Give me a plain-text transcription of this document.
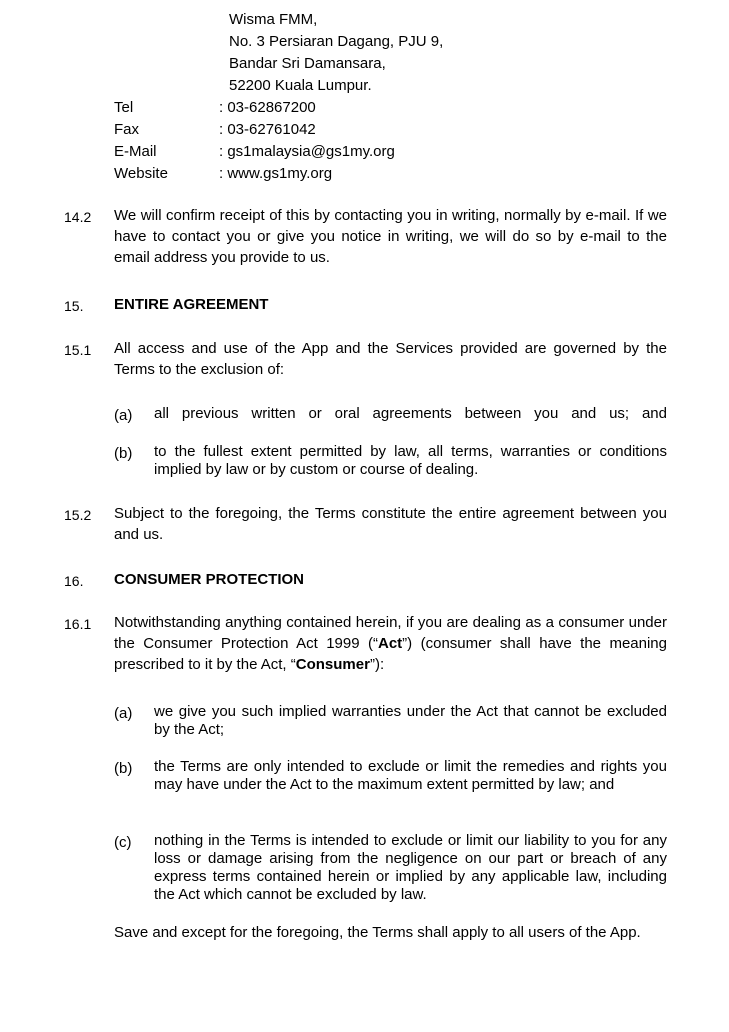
Wisma FMM,
No. 3 Persiaran Dagang, PJU 9,
Bandar Sri Damansara,
52200 Kuala Lumpur.
Tel	: 03-62867200
Fax	: 03-62761042
E-Mail	: gs1malaysia@gs1my.org
Website	: www.gs1my.org
14.2	We will confirm receipt of this by contacting you in writing, normally by e-mail. If we have to contact you or give you notice in writing, we will do so by e-mail to the email address you provide to us.
15.	ENTIRE AGREEMENT
15.1	All access and use of the App and the Services provided are governed by the Terms to the exclusion of:
(a)	all previous written or oral agreements between you and us; and
(b)	to the fullest extent permitted by law, all terms, warranties or conditions implied by law or by custom or course of dealing.
15.2	Subject to the foregoing, the Terms constitute the entire agreement between you and us.
16.	CONSUMER PROTECTION
16.1	Notwithstanding anything contained herein, if you are dealing as a consumer under the Consumer Protection Act 1999 (“Act”) (consumer shall have the meaning prescribed to it by the Act, “Consumer”):
(a)	we give you such implied warranties under the Act that cannot be excluded by the Act;
(b)	the Terms are only intended to exclude or limit the remedies and rights you may have under the Act to the maximum extent permitted by law; and
(c)	nothing in the Terms is intended to exclude or limit our liability to you for any loss or damage arising from the negligence on our part or breach of any express terms contained herein or implied by any applicable law, including the Act which cannot be excluded by law.
Save and except for the foregoing, the Terms shall apply to all users of the App.
